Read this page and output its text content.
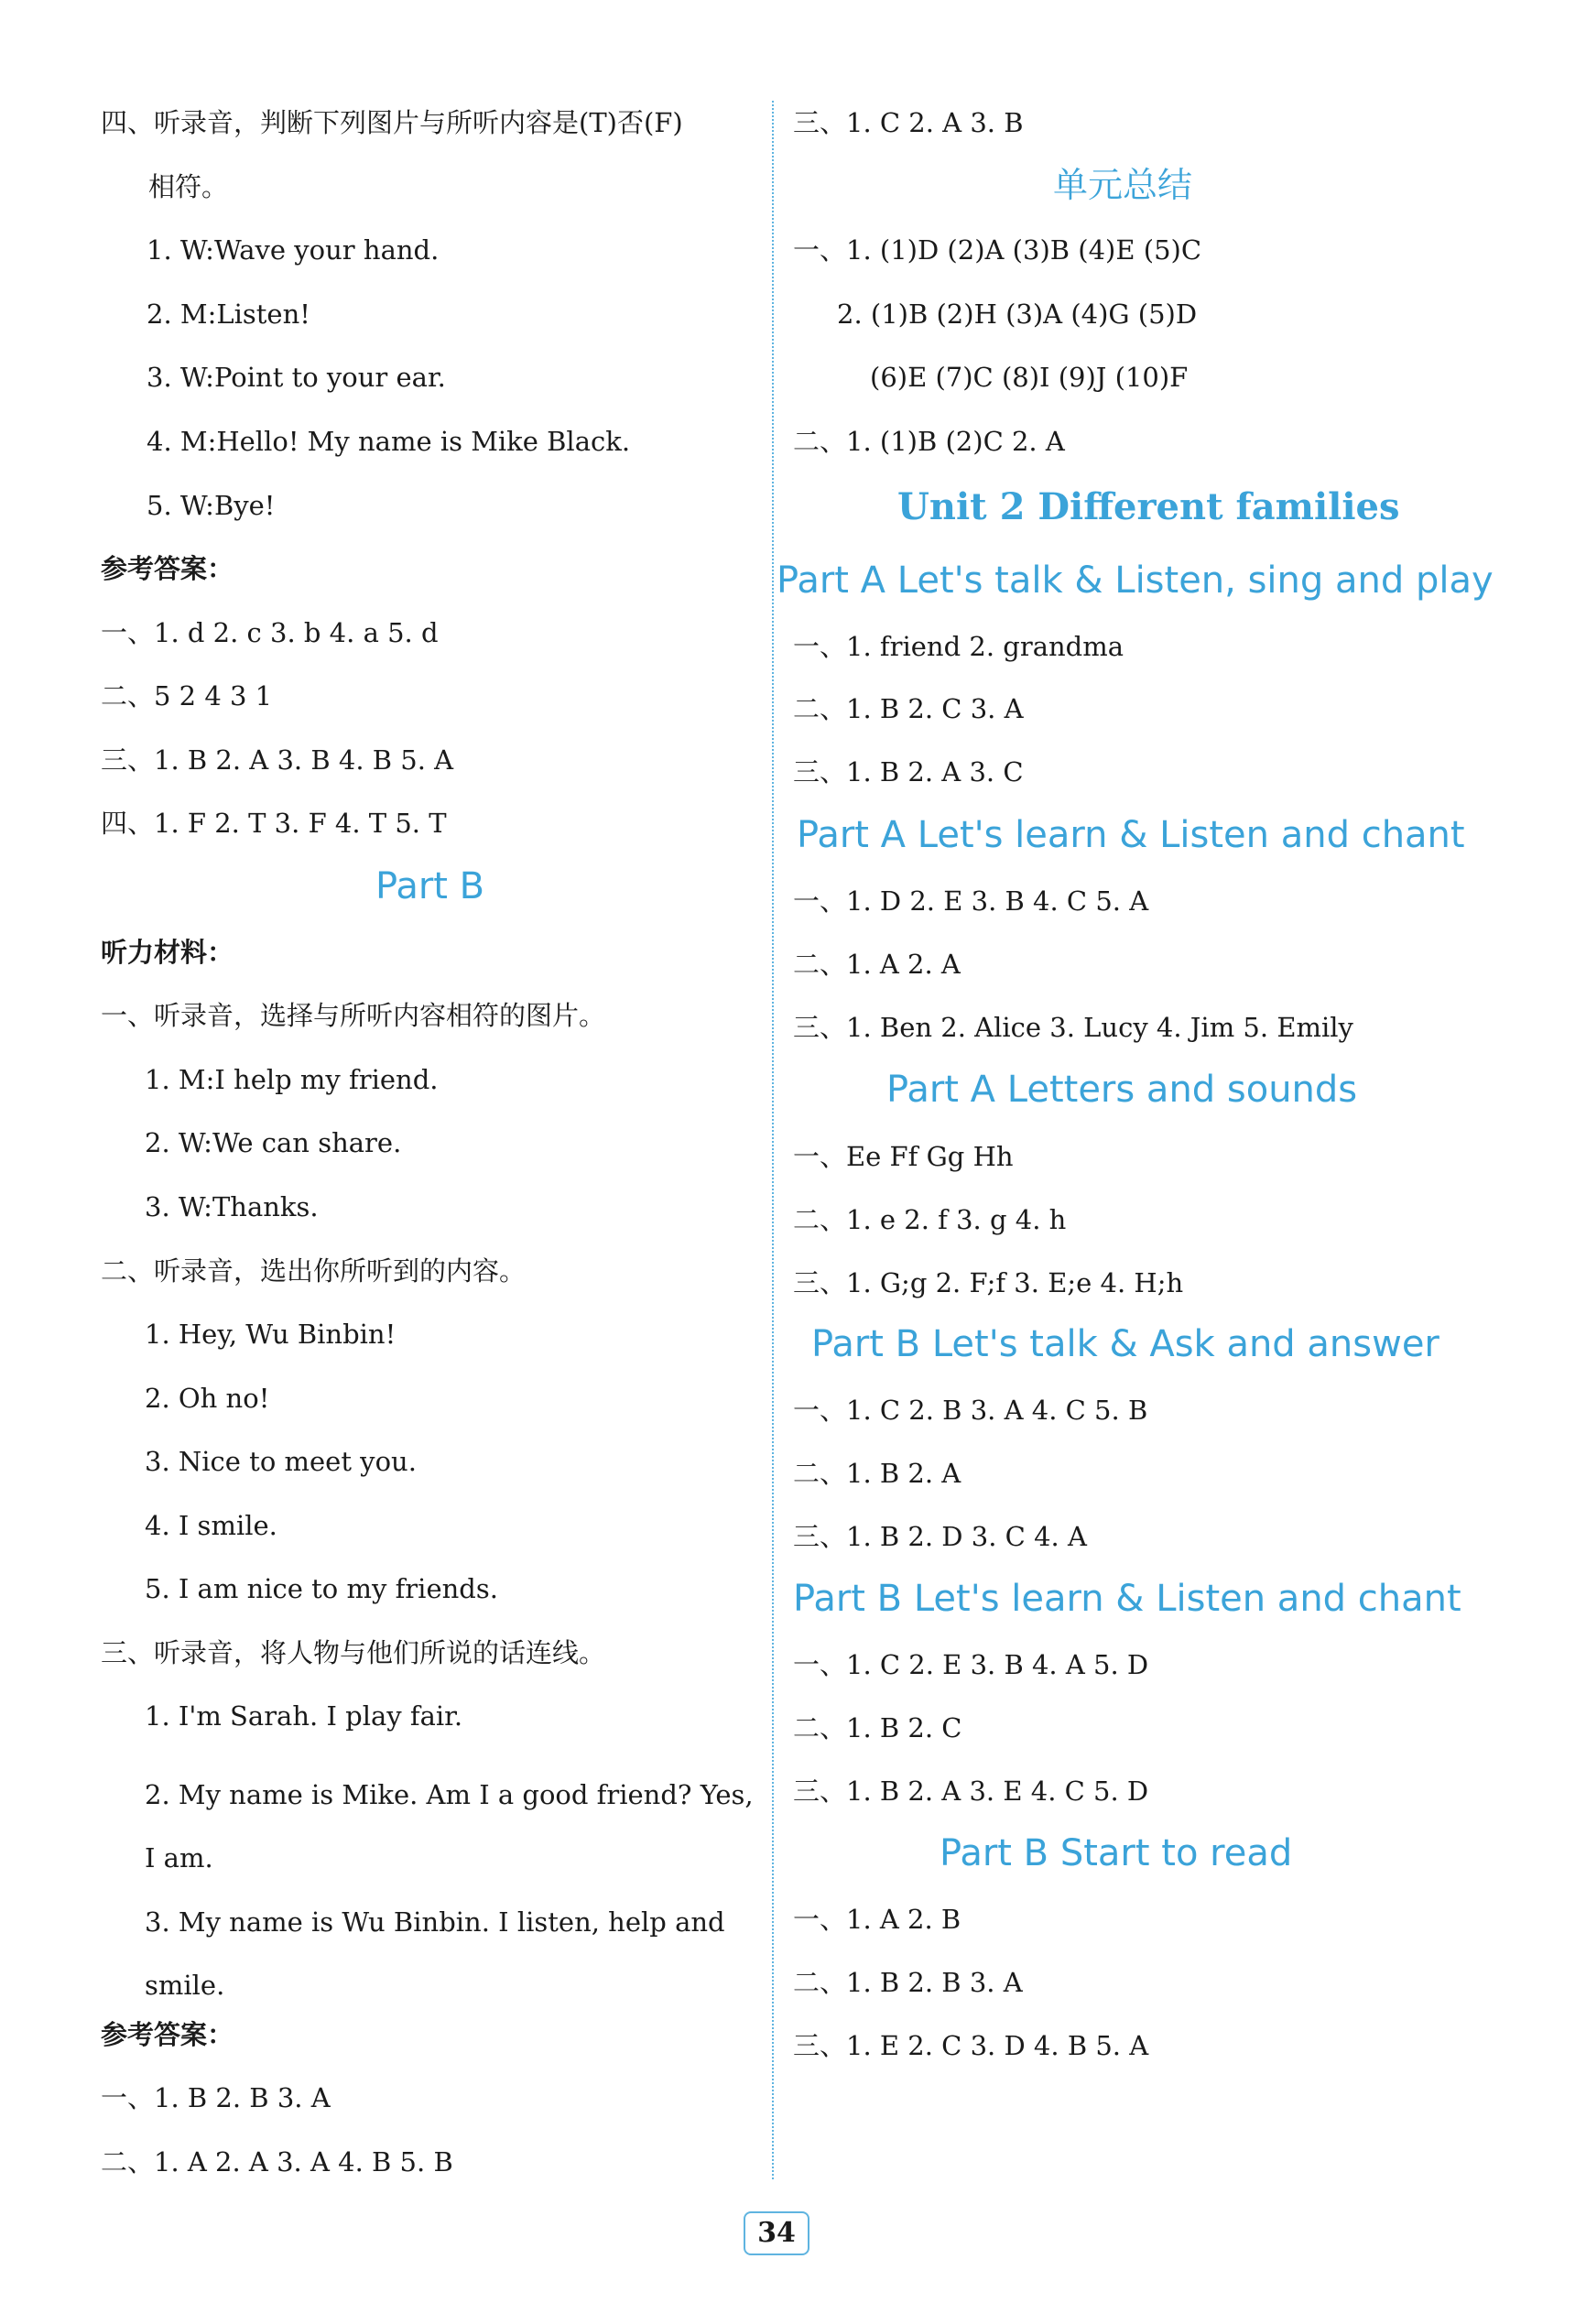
四、听录音，判断下列图片与所听内容是(T)否(F)
相符。
1. W:Wave your hand.
2. M:Listen!
3. W:Point to your ear.
4. M:Hello! My name is Mike Black.
5. W:Bye!
参考答案：
一、1. d 2. c 3. b 4. a 5. d
二、5 2 4 3 1
三、1. B 2. A 3. B 4. B 5. A
四、1. F 2. T 3. F 4. T 5. T
Part B
听力材料：
一、听录音，选择与所听内容相符的图片。
1. M:I help my friend.
2. W:We can share.
3. W:Thanks.
二、听录音，选出你所听到的内容。
1. Hey, Wu Binbin!
2. Oh no!
3. Nice to meet you.
4. I smile.
5. I am nice to my friends.
三、听录音，将人物与他们所说的话连线。
1. I'm Sarah. I play fair.
2. My name is Mike. Am I a good friend? Yes, I am.
3. My name is Wu Binbin. I listen, help and smile.
参考答案：
一、1. B 2. B 3. A
二、1. A 2. A 3. A 4. B 5. B
三、1. C 2. A 3. B
单元总结
一、1. (1)D (2)A (3)B (4)E (5)C
2. (1)B (2)H (3)A (4)G (5)D
(6)E (7)C (8)I (9)J (10)F
二、1. (1)B (2)C 2. A
Unit 2 Different families
Part A Let's talk & Listen, sing and play
一、1. friend 2. grandma
二、1. B 2. C 3. A
三、1. B 2. A 3. C
Part A Let's learn & Listen and chant
一、1. D 2. E 3. B 4. C 5. A
二、1. A 2. A
三、1. Ben 2. Alice 3. Lucy 4. Jim 5. Emily
Part A Letters and sounds
一、Ee Ff Gg Hh
二、1. e 2. f 3. g 4. h
三、1. G;g 2. F;f 3. E;e 4. H;h
Part B Let's talk & Ask and answer
一、1. C 2. B 3. A 4. C 5. B
二、1. B 2. A
三、1. B 2. D 3. C 4. A
Part B Let's learn & Listen and chant
一、1. C 2. E 3. B 4. A 5. D
二、1. B 2. C
三、1. B 2. A 3. E 4. C 5. D
Part B Start to read
一、1. A 2. B
二、1. B 2. B 3. A
三、1. E 2. C 3. D 4. B 5. A
34
